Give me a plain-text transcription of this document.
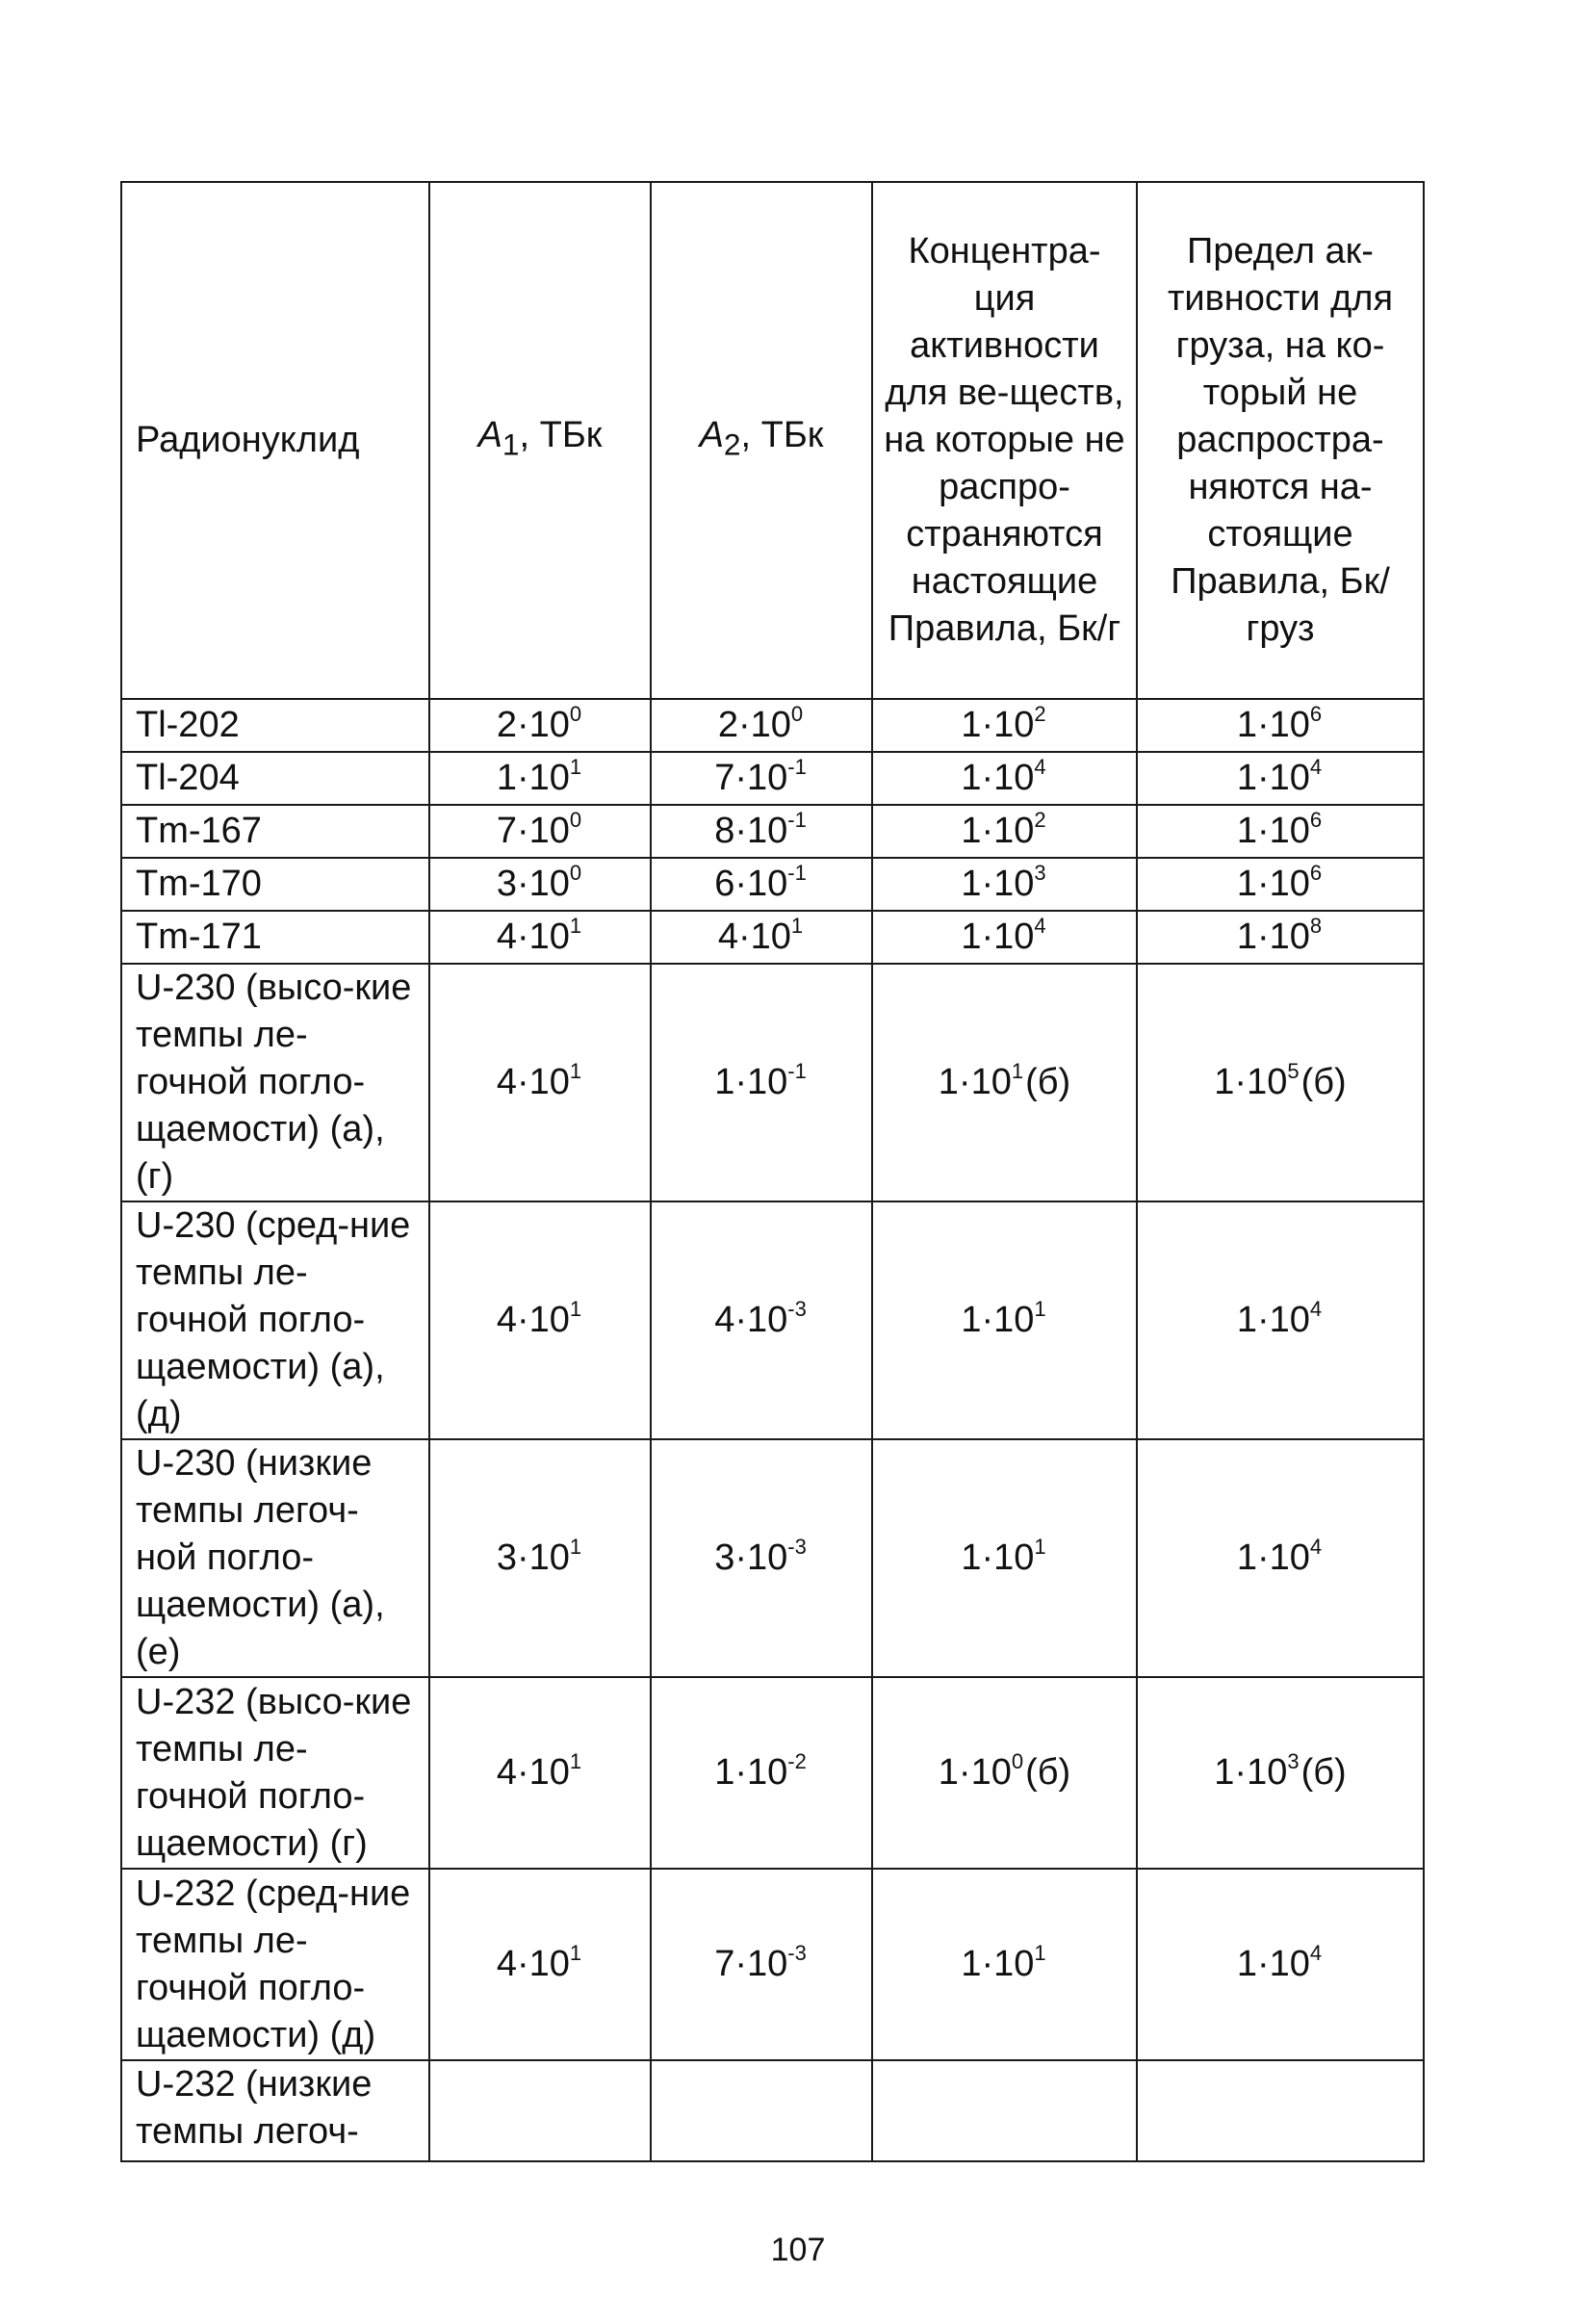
Радионуклид	$A_1$, ТБк	$A_2$, ТБк	Концентра-ция активности для ве-ществ, на которые не распро-страняются настоящие Правила, Бк/г	Предел ак-тивности для груза, на ко-торый не распростра-няются на-стоящие Правила, Бк/груз
Tl-202	$2\cdot 10^0$	$2\cdot 10^0$	$1\cdot 10^2$	$1\cdot 10^6$
Tl-204	$1\cdot 10^1$	$7\cdot 10^{-1}$	$1\cdot 10^4$	$1\cdot 10^4$
Tm-167	$7\cdot 10^0$	$8\cdot 10^{-1}$	$1\cdot 10^2$	$1\cdot 10^6$
Tm-170	$3\cdot 10^0$	$6\cdot 10^{-1}$	$1\cdot 10^3$	$1\cdot 10^6$
Tm-171	$4\cdot 10^1$	$4\cdot 10^1$	$1\cdot 10^4$	$1\cdot 10^8$
U-230 (высо-кие темпы ле-гочной погло-щаемости) (а), (г)	$4\cdot 10^1$	$1\cdot 10^{-1}$	$1\cdot 10^1(б)$	$1\cdot 10^5(б)$
U-230 (сред-ние темпы ле-гочной погло-щаемости) (а), (д)	$4\cdot 10^1$	$4\cdot 10^{-3}$	$1\cdot 10^1$	$1\cdot 10^4$
U-230 (низкие темпы легоч-ной погло-щаемости) (а), (е)	$3\cdot 10^1$	$3\cdot 10^{-3}$	$1\cdot 10^1$	$1\cdot 10^4$
U-232 (высо-кие темпы ле-гочной погло-щаемости) (г)	$4\cdot 10^1$	$1\cdot 10^{-2}$	$1\cdot 10^0(б)$	$1\cdot 10^3(б)$
U-232 (сред-ние темпы ле-гочной погло-щаемости) (д)	$4\cdot 10^1$	$7\cdot 10^{-3}$	$1\cdot 10^1$	$1\cdot 10^4$
U-232 (низкие темпы легоч-				
107
